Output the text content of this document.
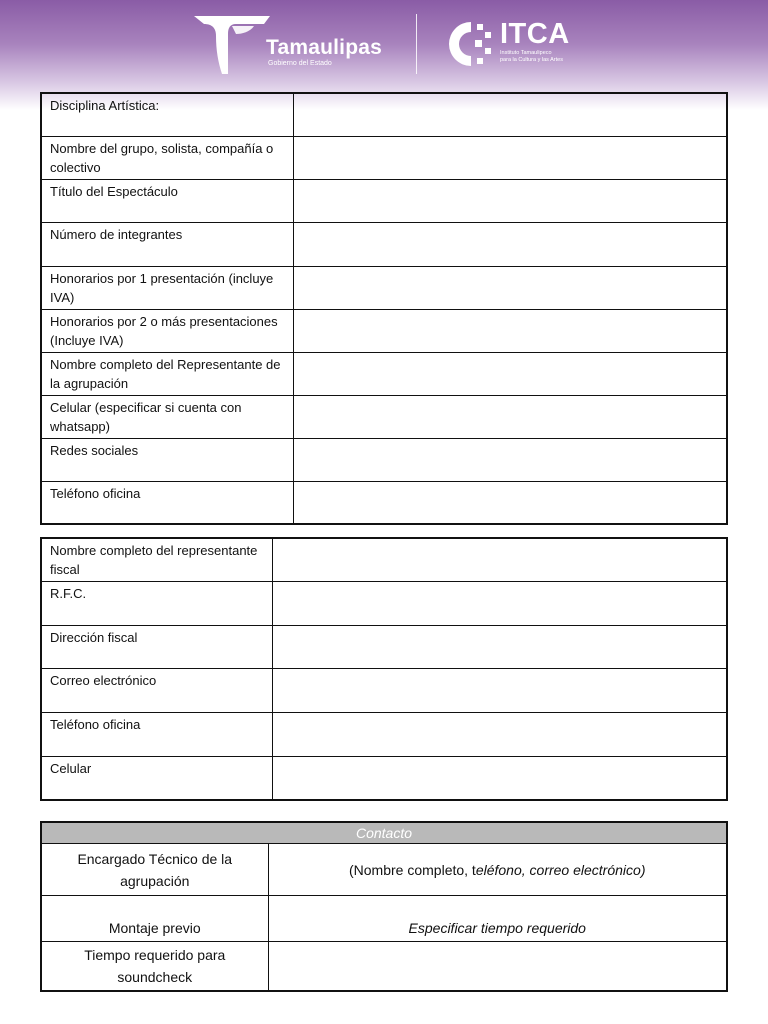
Tamaulipas
Gobierno del Estado
ITCA
Instituto Tamaulipeco
para la Cultura y las Artes
Disciplina Artística:	
Nombre del grupo, solista, compañía o colectivo	
Título del Espectáculo	
Número de integrantes	
Honorarios por 1 presentación (incluye IVA)	
Honorarios por 2 o más presentaciones (Incluye IVA)	
Nombre completo del Representante de la agrupación	
Celular (especificar si cuenta con whatsapp)	
Redes sociales	
Teléfono oficina	
Nombre completo del representante fiscal	
R.F.C.	
Dirección fiscal	
Correo electrónico	
Teléfono oficina	
Celular	
Contacto	
Encargado Técnico de la agrupación	(Nombre completo, teléfono, correo electrónico)
Montaje previo	Especificar tiempo requerido
Tiempo requerido para soundcheck	
